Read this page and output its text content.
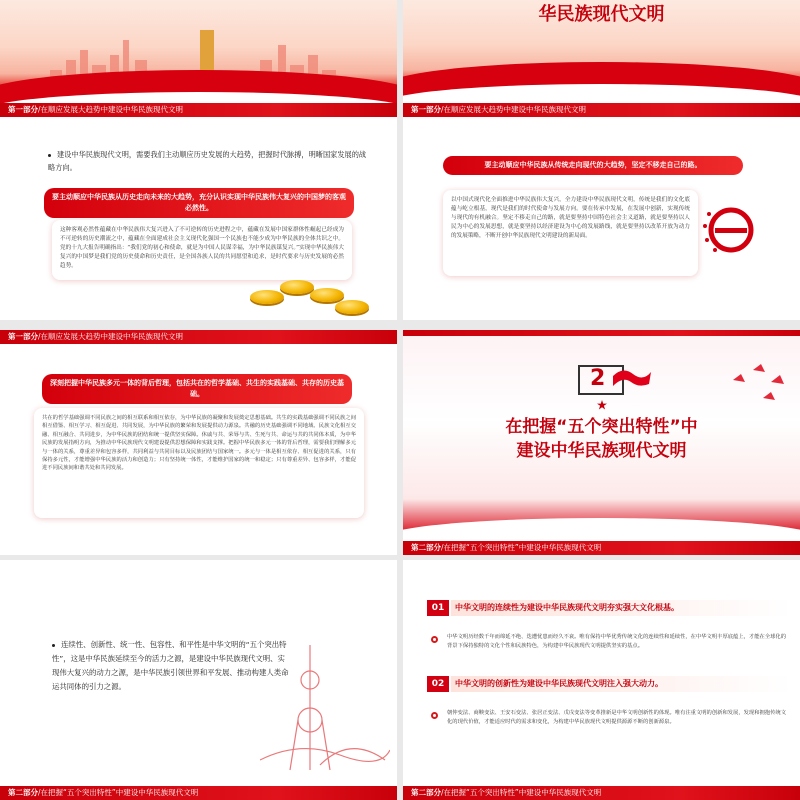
第一部分/在顺应发展大趋势中建设中华民族现代文明
华民族现代文明
第一部分/在顺应发展大趋势中建设中华民族现代文明
建设中华民族现代文明，需要我们主动顺应历史发展的大趋势，把握时代脉搏，明晰国家发展的战略方向。
要主动顺应中华民族从历史走向未来的大趋势，充分认识实现中华民族伟大复兴的中国梦的客观必然性。
这种客观必然性蕴藏在中华民族伟大复兴进入了不可逆转的历史进程之中，蕴藏在发展中国家群体性崛起已经成为不可逆转的历史潮流之中，蕴藏在全面建成社会主义现代化强国一个民族也不能少成为中华民族的全体共识之中。党的十九大报告明确指出：“我们党的初心和使命，就是为中国人民谋幸福，为中华民族谋复兴。”实现中华民族伟大复兴的中国梦是我们党的历史使命和历史责任，是全国各族人民的共同愿望和追求，是时代要求与历史发展的必然趋势。
要主动顺应中华民族从传统走向现代的大趋势，坚定不移走自己的路。
以中国式现代化全面推进中华民族伟大复兴，全力建设中华民族现代文明，传统是我们的文化底蕴与屹立根基，现代是我们的时代使命与发展方向。要在传承中发展，在发展中创新，实现传统与现代的有机融合。坚定不移走自己的路，就是要坚持中国特色社会主义道路，就是要坚持以人民为中心的发展思想，就是要坚持以经济建设为中心的发展路线，就是要坚持以改革开放为动力的发展策略，不断开创中华民族现代文明建设的新局面。
第一部分/在顺应发展大趋势中建设中华民族现代文明
深刻把握中华民族多元一体的背后哲理，包括共在的哲学基础、共生的实践基础、共存的历史基础。
共在的哲学基础强调不同民族之间的相互联系和相互依存，为中华民族的凝聚和发展奠定思想基础。共生的实践基础强调不同民族之间相互借鉴、相互学习、相互促进、共同发展，为中华民族的繁荣和发展提供动力源泉。共融的历史基础强调不同地域、民族文化相互交融、相互融合、共同进步，为中华民族的团结和统一提供坚实保障。休戚与共、荣辱与共、生死与共、命运与共的共同体本质，为中华民族的发展指明方向，为推动中华民族现代文明建设提供思想保障和实践支撑。把握中华民族多元一体的背后哲理，需要我们理解多元与一体的关系，尊重差异和包容多样，共同利益与共同目标以及民族团结与国家统一。多元与一体是相互依存、相互促进的关系，只有保持多元性，才能增强中华民族的活力和创造力；只有坚持统一体性，才能维护国家的统一和稳定；只有尊重差异、包容多样，才能促进不同民族间和谐共处和共同发展。
2
在把握“五个突出特性”中
建设中华民族现代文明
第二部分/在把握“五个突出特性”中建设中华民族现代文明
连续性、创新性、统一性、包容性、和平性是中华文明的“五个突出特性”，这是中华民族延续至今的活力之源，是建设中华民族现代文明、实现伟大复兴的动力之源，是中华民族引领世界和平发展、推动构建人类命运共同体的引力之源。
第二部分/在把握“五个突出特性”中建设中华民族现代文明
01	中华文明的连续性为建设中华民族现代文明夯实强大文化根基。
中华文明历经数千年而绵延不绝、迭遭忧患而经久不衰。唯有保持中华优秀传统文化的连续性和延续性，在中华文明丰厚底蕴上，才能在全球化的背景下保持独特的文化个性和民族特色，为构建中华民族现代文明提供坚实的基点。
02	中华文明的创新性为建设中华民族现代文明注入强大动力。
朝仲变法、商鞅变法、王安石变法、张居正变法、戊戌变法等变革推新是中华文明创新性的体现。唯有注重文明的创新和发展，发现和拥抱传统文化的现代价值，才能适应时代的需求和变化，为构建中华民族现代文明提供源源不断的创新源泉。
第二部分/在把握“五个突出特性”中建设中华民族现代文明
